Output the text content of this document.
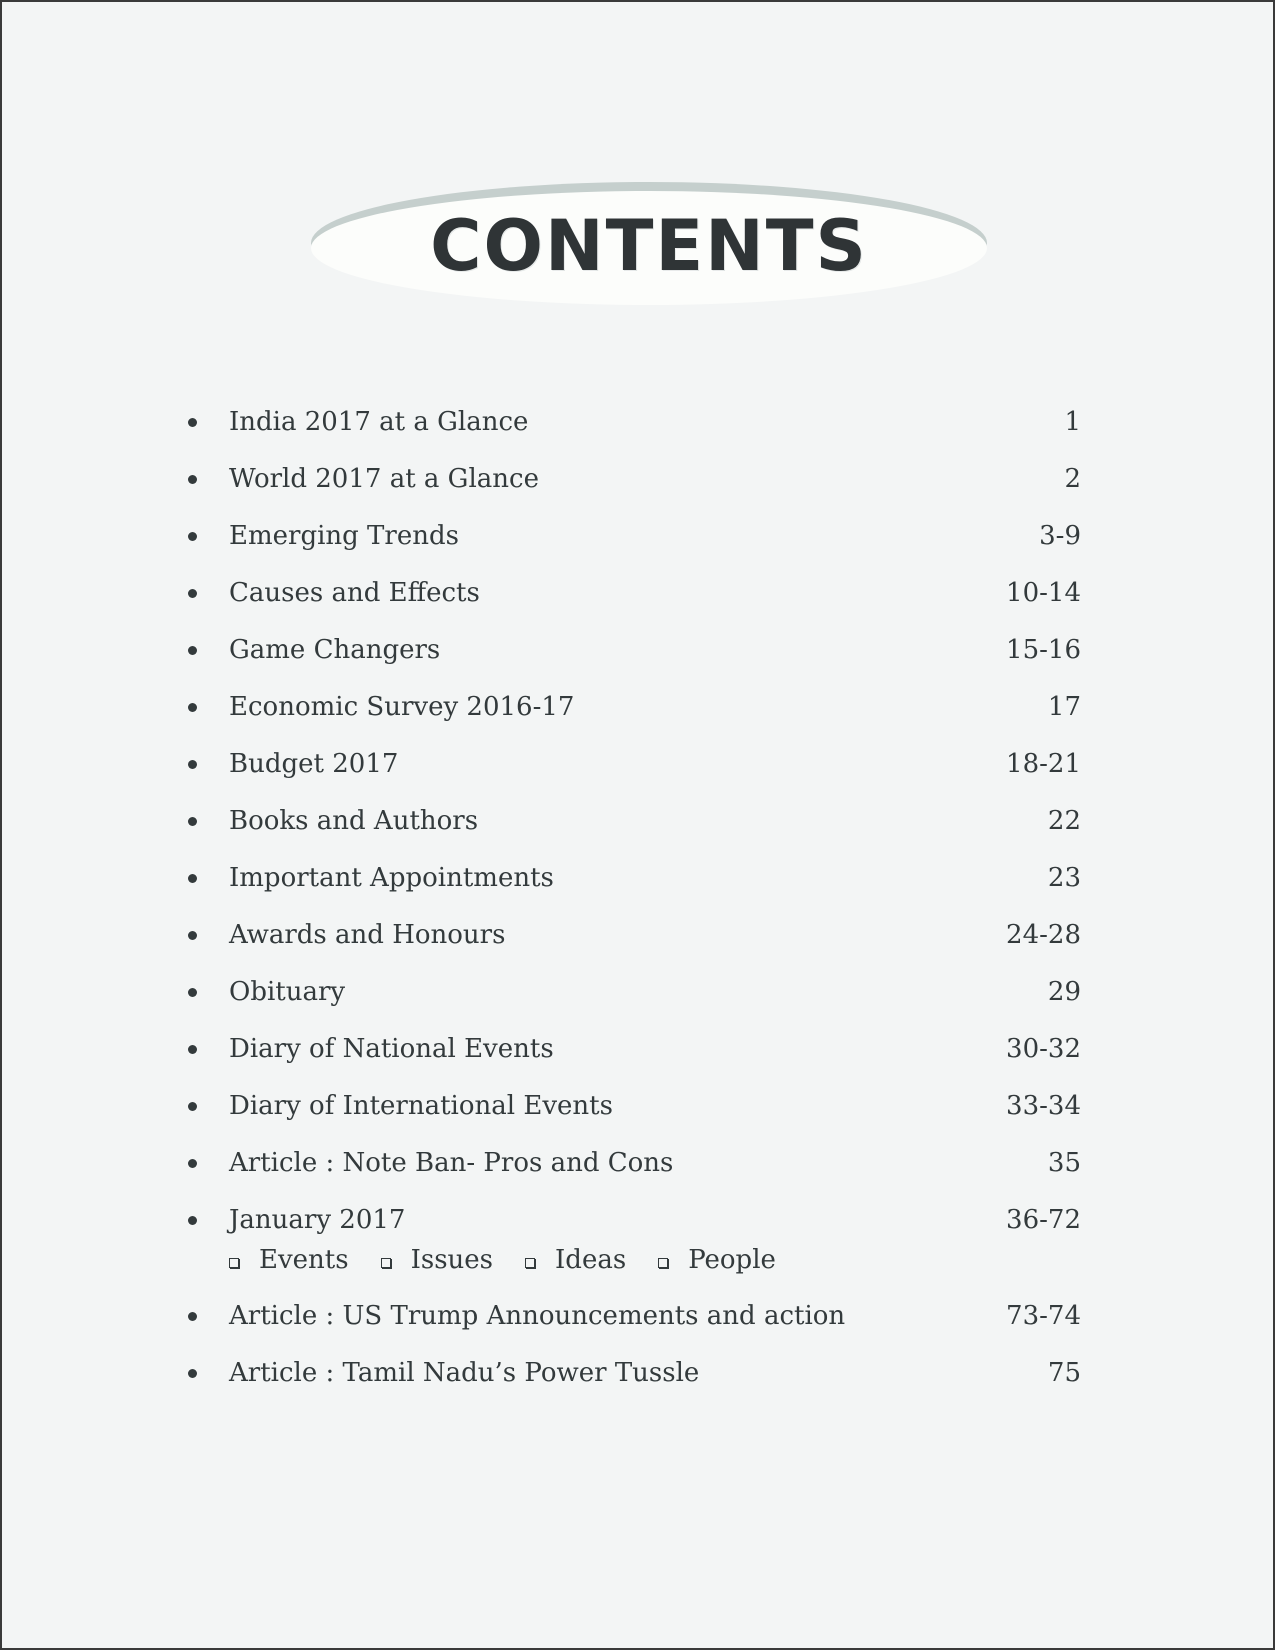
CONTENTS
India 2017 at a Glance	1
World 2017 at a Glance	2
Emerging Trends	3-9
Causes and Effects	10-14
Game Changers	15-16
Economic Survey 2016-17	17
Budget 2017	18-21
Books and Authors	22
Important Appointments	23
Awards and Honours	24-28
Obituary	29
Diary of National Events	30-32
Diary of International Events	33-34
Article : Note Ban- Pros and Cons	35
January 2017	36-72
Events Issues Ideas People
Article : US Trump Announcements and action	73-74
Article : Tamil Nadu’s Power Tussle	75
